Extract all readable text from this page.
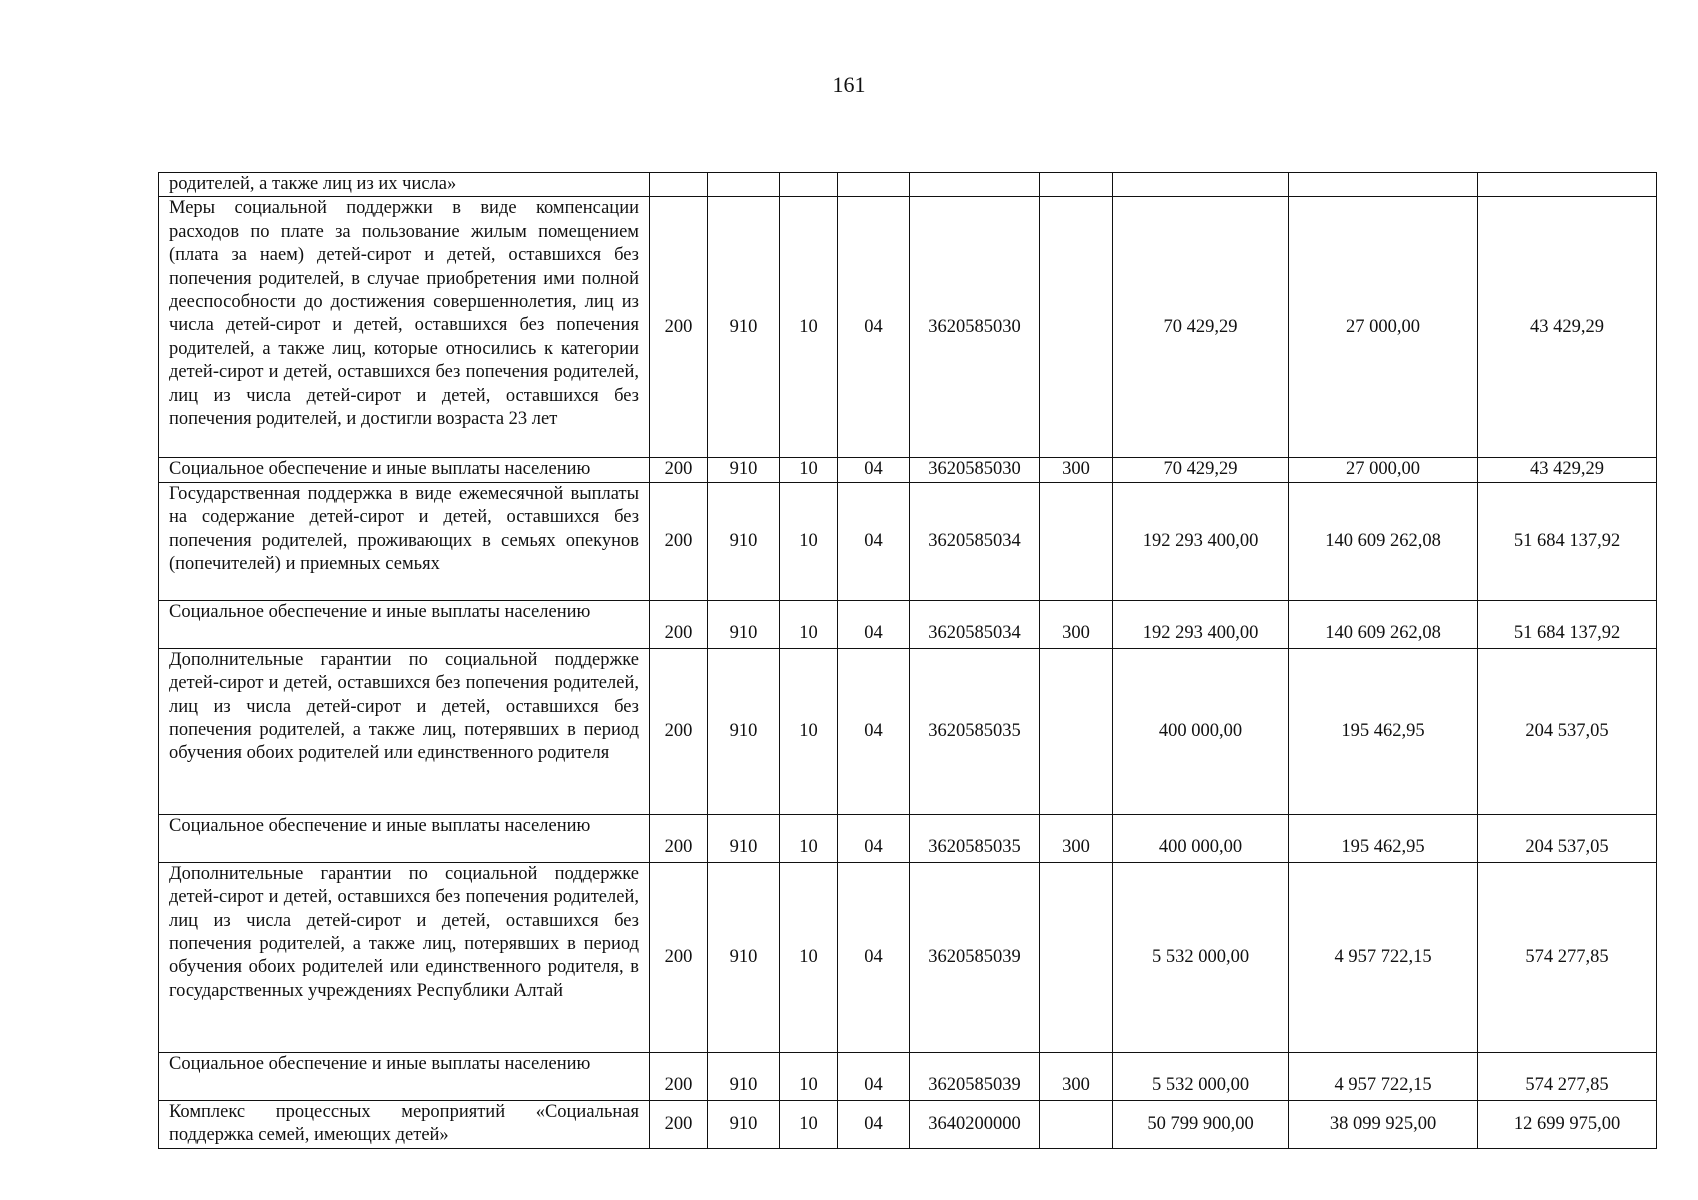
161
родителей, а также лиц из их числа»									
Меры социальной поддержки в виде компенсации расходов по плате за пользование жилым помещением (плата за наем) детей-сирот и детей, оставшихся без попечения родителей, в случае приобретения ими полной дееспособности до достижения совершеннолетия, лиц из числа детей-сирот и детей, оставшихся без попечения родителей, а также лиц, которые относились к категории детей-сирот и детей, оставшихся без попечения родителей, лиц из числа детей-сирот и детей, оставшихся без попечения родителей, и достигли возраста 23 лет	200	910	10	04	3620585030		70 429,29	27 000,00	43 429,29
Социальное обеспечение и иные выплаты населению	200	910	10	04	3620585030	300	70 429,29	27 000,00	43 429,29
Государственная поддержка в виде ежемесячной выплаты на содержание детей-сирот и детей, оставшихся без попечения родителей, проживающих в семьях опекунов (попечителей) и приемных семьях	200	910	10	04	3620585034		192 293 400,00	140 609 262,08	51 684 137,92
Социальное обеспечение и иные выплаты населению	200	910	10	04	3620585034	300	192 293 400,00	140 609 262,08	51 684 137,92
Дополнительные гарантии по социальной поддержке детей-сирот и детей, оставшихся без попечения родителей, лиц из числа детей-сирот и детей, оставшихся без попечения родителей, а также лиц, потерявших в период обучения обоих родителей или единственного родителя	200	910	10	04	3620585035		400 000,00	195 462,95	204 537,05
Социальное обеспечение и иные выплаты населению	200	910	10	04	3620585035	300	400 000,00	195 462,95	204 537,05
Дополнительные гарантии по социальной поддержке детей-сирот и детей, оставшихся без попечения родителей, лиц из числа детей-сирот и детей, оставшихся без попечения родителей, а также лиц, потерявших в период обучения обоих родителей или единственного родителя, в государственных учреждениях Республики Алтай	200	910	10	04	3620585039		5 532 000,00	4 957 722,15	574 277,85
Социальное обеспечение и иные выплаты населению	200	910	10	04	3620585039	300	5 532 000,00	4 957 722,15	574 277,85
Комплекс процессных мероприятий «Социальная поддержка семей, имеющих детей»	200	910	10	04	3640200000		50 799 900,00	38 099 925,00	12 699 975,00
